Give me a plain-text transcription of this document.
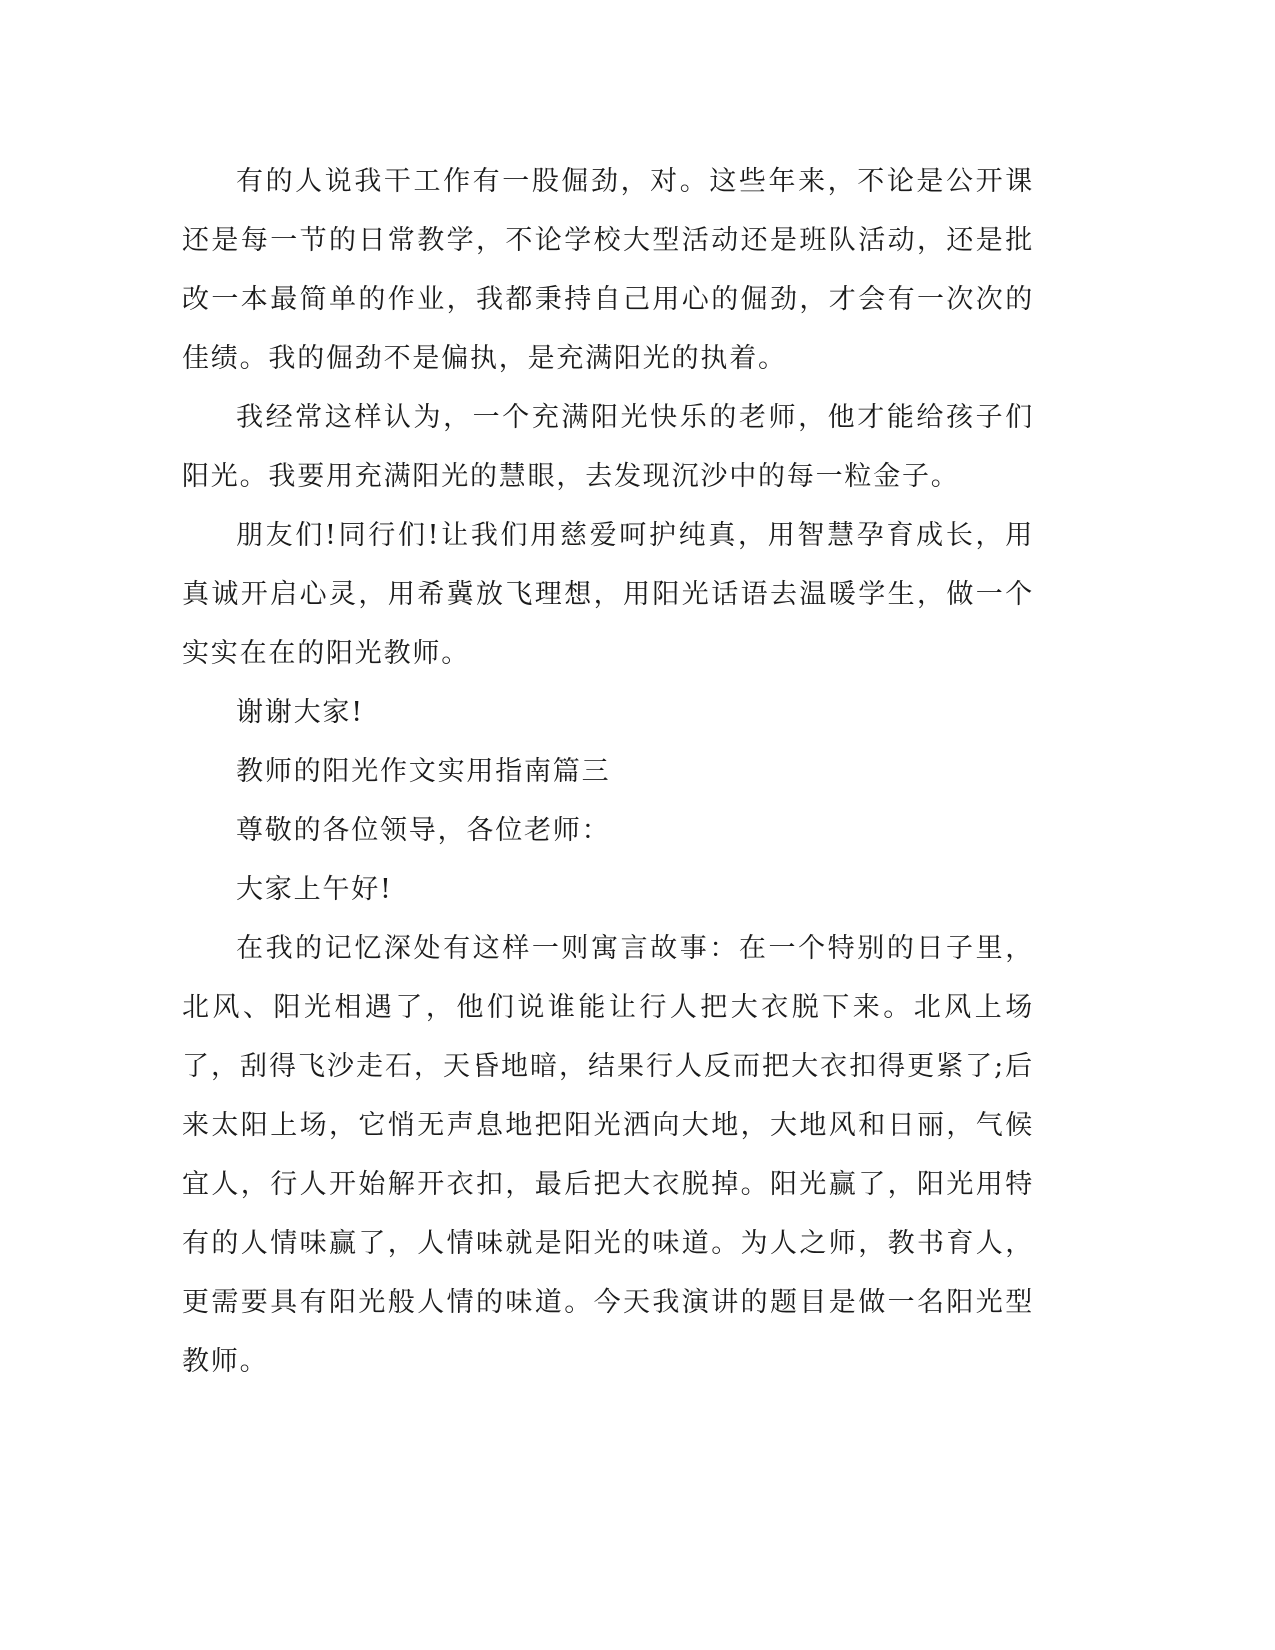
有的人说我干工作有一股倔劲，对。这些年来，不论是公开课还是每一节的日常教学，不论学校大型活动还是班队活动，还是批改一本最简单的作业，我都秉持自己用心的倔劲，才会有一次次的佳绩。我的倔劲不是偏执，是充满阳光的执着。

我经常这样认为，一个充满阳光快乐的老师，他才能给孩子们阳光。我要用充满阳光的慧眼，去发现沉沙中的每一粒金子。

朋友们!同行们!让我们用慈爱呵护纯真，用智慧孕育成长，用真诚开启心灵，用希冀放飞理想，用阳光话语去温暖学生，做一个实实在在的阳光教师。

谢谢大家!

教师的阳光作文实用指南篇三

尊敬的各位领导，各位老师：

大家上午好!

在我的记忆深处有这样一则寓言故事：在一个特别的日子里，北风、阳光相遇了，他们说谁能让行人把大衣脱下来。北风上场了，刮得飞沙走石，天昏地暗，结果行人反而把大衣扣得更紧了;后来太阳上场，它悄无声息地把阳光洒向大地，大地风和日丽，气候宜人，行人开始解开衣扣，最后把大衣脱掉。阳光赢了，阳光用特有的人情味赢了，人情味就是阳光的味道。为人之师，教书育人，更需要具有阳光般人情的味道。今天我演讲的题目是做一名阳光型教师。
